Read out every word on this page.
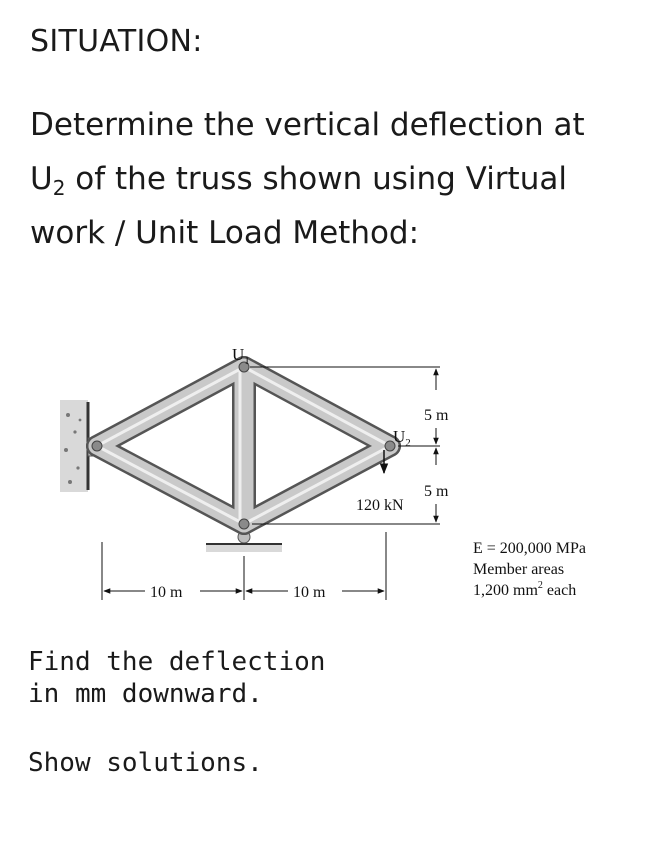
SITUATION:
Determine the vertical deflection at
$U_2$ of the truss shown using Virtual
work / Unit Load Method:
$U_1$
$U_2$
120 kN
5 m
5 m
10 m	10 m
E = 200,000 MPa
Member areas
1,200 $mm^2$ each
Find the deflection
in mm downward.
Show solutions.
